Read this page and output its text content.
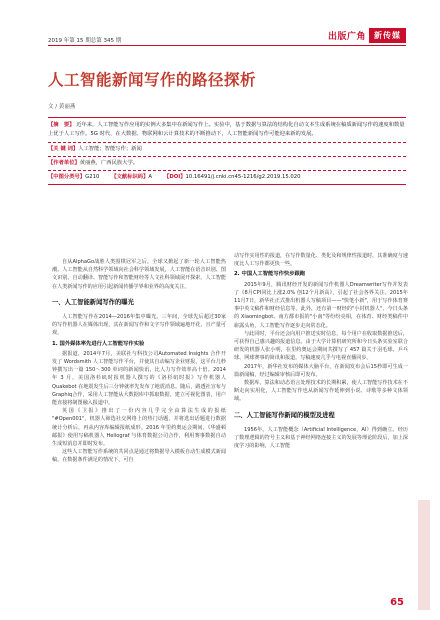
2019 年第 15 期总第 345 期	出版广角	新传媒
人工智能新闻写作的路径探析
文 / 黄丽燕
【摘　要】 近年来，人工智能写作应用的实例大多集中在新闻写作上。实验中，基于数据与算法的结构化自动文本生成系统在稿质新闻写作的速度和数量上优于人工写作。5G 时代，在大数据、物联网和云计算技术的不断推动下，人工智能新闻写作可能迎来新的发展。
【关 键 词】 人工智能；智能写作；新闻
【作者单位】 黄丽燕，广西民族大学。
【中图分类号】G210 【文献标识码】A 【DOI】10.16491/j.cnki.cn45-1216/g2.2019.15.020

自从AlphaGo战胜人类围棋冠军之后，全球又掀起了新一轮人工智能热潮。人工智能从自然科学领域向社会科学领域发展，人工智能在语音识别、图文识别、自动翻译、智能写作和智能财经等人文社科领域展开探索。人工智能在人类新闻写作的应用引起新闻传播学界和业界的高度关注。

一、人工智能新闻写作的曝光

人工智能写作在2014—2016年集中曝光。三年间，全球先后超过30家的写作机器人在媒体出现，其在新闻写作和文字写作领域遍地开花，且产量可观。

1. 国外媒体率先进行人工智能写作实验

据报道，2014年7月，美联社与科技公司Automated Insights 合作开发了 Wordsmith 人工智能写作平台，并使其自动编写企业财报，这平台几秒钟撰写出一篇 150～300 单词的新闻快讯，比人力写作效率高十倍。2014 年 3 月，美国洛杉矶时报机器人撰写的《洛杉矶时报》写作机器人 Quakebot 在地震发生后三分钟就率先发布了地震消息。随后，路透社宣布与Graphiq合作，采用人工智能从大数据库中抓取数据，建立可视化图表，用户能直接将制图融入报道中。

英国《卫报》推出了一份内容几乎完全由算法生成的报纸 "#Open001"，机器人筛选社交网络上的热门话题，并将选出话题进行数据统计分析后，再从内容库编辑报纸成形。2016 年里约奥运会期间，《华盛顿邮报》使用写稿机器人 Heliograf 与体育数据公司合作，利用赛事数据自动生成短消息并即时发布。

这些人工智能写作系统的共同点是通过将数据导入模板自动生成模式新闻稿。在数据条件满足的情况下，可自

动写作实用性的报道，在写作数量化、类化及和规律性报道时，其准确度与速度比人工写作都更快一些。

2. 中国人工智能写作快步跟跑

2015年9月，腾讯财经开发的新闻写作机器人Dreamwriter写作并发表了《8月CPI同比上涨2.0% 创12个月新高》，引起了社会各界关注。2015年11月7日，新华社正式推出机器人写稿项目——"快笔小新"，用于写作体育赛事中英文稿件和财经信息等。此外，还有第一财经的"小封机器人"、今日头条的 Xiaomingbot、南方都市报的"小南"等纷纷亮相，在体育、财经类稿件中崭露头角，人工智能写作逐步走向常态化。

与此同时，平台还会向用户推送实时信息，每个用户在收取数据推送后，可获得自己感兴趣的报道信息。由于大学计算机研究所和今日头条实验室联合研发的机器人张小明，在里约奥运会期间共撰写了 457 篇关于羽毛球、乒乓球、网球赛事的简讯和报道，写稿速度几乎与电视直播同步。

2017年，新华社发布的媒体大脑平台，在新闻发布会后15秒即可生成一篇新闻稿，经过编辑审核后即可发布。

数据库、算法和动态语言处理技术的长期积累，使人工智能写作技术在不断走向实用化，人工智能写作也从新闻写作延伸到小说、诗歌等多种文体领域。

二、人工智能写作新闻的模型及进程

1956年，人工智能概念（Artificial Intelligence，AI）得到确立。经历了数理逻辑的符号主义和基于神经网络连接主义的发展等理论阶段后，加上深度学习的影响，人工智能

65
